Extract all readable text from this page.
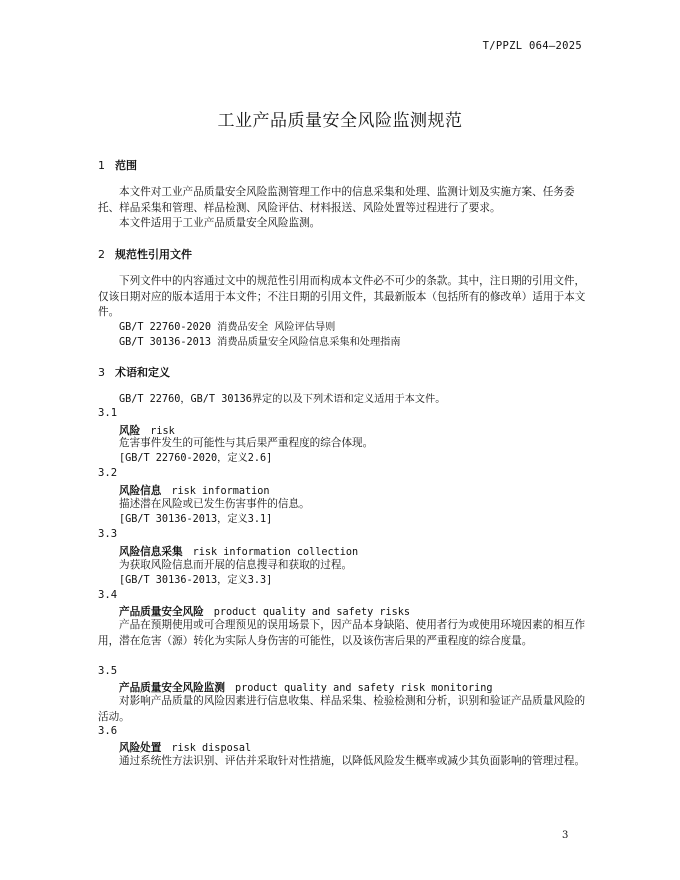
T/PPZL 064—2025
工业产品质量安全风险监测规范
1 范围
本文件对工业产品质量安全风险监测管理工作中的信息采集和处理、监测计划及实施方案、任务委托、样品采集和管理、样品检测、风险评估、材料报送、风险处置等过程进行了要求。
本文件适用于工业产品质量安全风险监测。
2 规范性引用文件
下列文件中的内容通过文中的规范性引用而构成本文件必不可少的条款。其中，注日期的引用文件，仅该日期对应的版本适用于本文件；不注日期的引用文件，其最新版本（包括所有的修改单）适用于本文件。
GB/T 22760-2020 消费品安全 风险评估导则
GB/T 30136-2013 消费品质量安全风险信息采集和处理指南
3 术语和定义
GB/T 22760，GB/T 30136界定的以及下列术语和定义适用于本文件。
3.1
风险 risk
危害事件发生的可能性与其后果严重程度的综合体现。
[GB/T 22760-2020，定义2.6]
3.2
风险信息 risk information
描述潜在风险或已发生伤害事件的信息。
[GB/T 30136-2013，定义3.1]
3.3
风险信息采集 risk information collection
为获取风险信息而开展的信息搜寻和获取的过程。
[GB/T 30136-2013，定义3.3]
3.4
产品质量安全风险 product quality and safety risks
产品在预期使用或可合理预见的误用场景下，因产品本身缺陷、使用者行为或使用环境因素的相互作用，潜在危害（源）转化为实际人身伤害的可能性，以及该伤害后果的严重程度的综合度量。
3.5
产品质量安全风险监测 product quality and safety risk monitoring
对影响产品质量的风险因素进行信息收集、样品采集、检验检测和分析，识别和验证产品质量风险的活动。
3.6
风险处置 risk disposal
通过系统性方法识别、评估并采取针对性措施，以降低风险发生概率或减少其负面影响的管理过程。
3
